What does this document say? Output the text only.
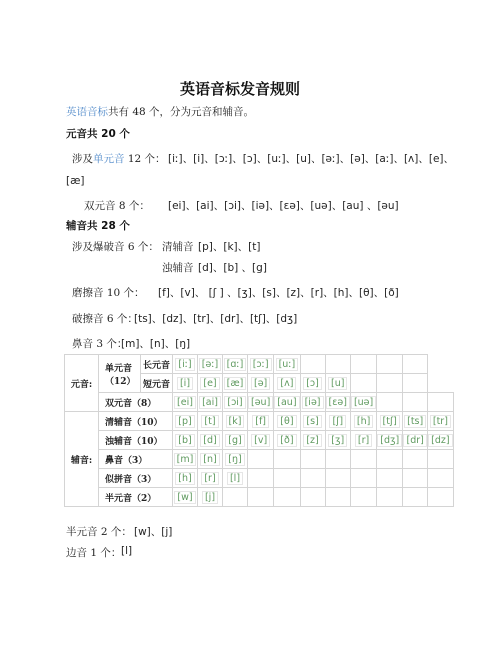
英语音标发音规则
英语音标共有 48 个，分为元音和辅音。
元音共 20 个
涉及单元音 12 个： [iː]、[i]、[ɔː]、[ɔ]、[uː]、[u]、[əː]、[ə]、[aː]、[ʌ]、[e]、
[æ]
双元音 8 个： [ei]、[ai]、[ɔi]、[iə]、[ɛə]、[uə]、[au] 、[əu]
辅音共 28 个
涉及爆破音 6 个： 清辅音 [p]、[k]、[t]
浊辅音 [d]、[b] 、[g]
磨擦音 10 个： [f]、[v]、 [ʃ ] 、[ʒ]、[s]、[z]、[r]、[h]、[θ]、[ð]
破擦音 6 个：
[ts]、[dz]、[tr]、[dr]、[tʃ]、[dʒ]
鼻音 3 个：
[m]、[n]、[ŋ]
元音:	单元音（12）	长元音	[iː]	[əː]	[ɑː]	[ɔː]	[uː]						
		短元音	[i]	[e]	[æ]	[ə]	[ʌ]	[ɔ]	[u]				
	双元音（8）		[ei]	[ai]	[ɔi]	[əu]	[au]	[iə]	[ɛə]	[uə]			
辅音:	清辅音（10）		[p]	[t]	[k]	[f]	[θ]	[s]	[ʃ]	[h]	[tʃ]	[ts]	[tr]
	浊辅音（10）		[b]	[d]	[g]	[v]	[ð]	[z]	[ʒ]	[r]	[dʒ]	[dr]	[dz]
	鼻音（3）		[m]	[n]	[ŋ]								
	似拼音（3）		[h]	[r]	[l]								
	半元音（2）		[w]	[j]									
半元音 2 个： [w]、[j]
边音 1 个： [l]
